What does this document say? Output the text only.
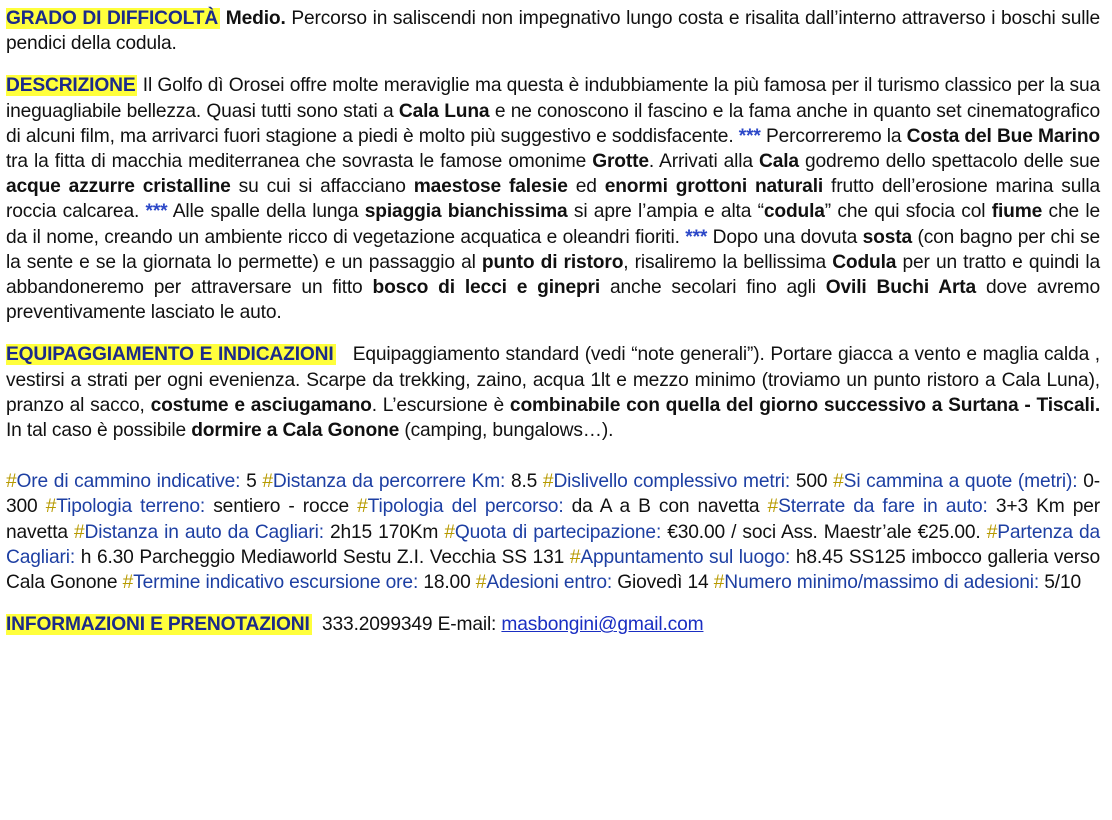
GRADO DI DIFFICOLTÀ Medio. Percorso in saliscendi non impegnativo lungo costa e risalita dall’interno attraverso i boschi sulle pendici della codula.

DESCRIZIONE Il Golfo dì Orosei offre molte meraviglie ma questa è indubbiamente la più famosa per il turismo classico per la sua ineguagliabile bellezza. Quasi tutti sono stati a Cala Luna e ne conoscono il fascino e la fama anche in quanto set cinematografico di alcuni film, ma arrivarci fuori stagione a piedi è molto più suggestivo e soddisfacente. *** Percorreremo la Costa del Bue Marino tra la fitta di macchia mediterranea che sovrasta le famose omonime Grotte. Arrivati alla Cala godremo dello spettacolo delle sue acque azzurre cristalline su cui si affacciano maestose falesie ed enormi grottoni naturali frutto dell’erosione marina sulla roccia calcarea. *** Alle spalle della lunga spiaggia bianchissima si apre l’ampia e alta “codula” che qui sfocia col fiume che le da il nome, creando un ambiente ricco di vegetazione acquatica e oleandri fioriti. *** Dopo una dovuta sosta (con bagno per chi se la sente e se la giornata lo permette) e un passaggio al punto di ristoro, risaliremo la bellissima Codula per un tratto e quindi la abbandoneremo per attraversare un fitto bosco di lecci e ginepri anche secolari fino agli Ovili Buchi Arta dove avremo preventivamente lasciato le auto.

EQUIPAGGIAMENTO E INDICAZIONI   Equipaggiamento standard (vedi “note generali”). Portare giacca a vento e maglia calda , vestirsi a strati per ogni evenienza. Scarpe da trekking, zaino, acqua 1lt e mezzo minimo (troviamo un punto ristoro a Cala Luna), pranzo al sacco, costume e asciugamano. L’escursione è combinabile con quella del giorno successivo a Surtana - Tiscali. In tal caso è possibile dormire a Cala Gonone (camping, bungalows…).

#Ore di cammino indicative: 5 #Distanza da percorrere Km: 8.5 #Dislivello complessivo metri: 500 #Si cammina a quote (metri): 0-300 #Tipologia terreno: sentiero - rocce #Tipologia del percorso: da A a B con navetta #Sterrate da fare in auto: 3+3 Km per navetta #Distanza in auto da Cagliari: 2h15 170Km #Quota di partecipazione: €30.00 / soci Ass. Maestr’ale €25.00. #Partenza da Cagliari: h 6.30 Parcheggio Mediaworld Sestu Z.I. Vecchia SS 131 #Appuntamento sul luogo: h8.45 SS125 imbocco galleria verso Cala Gonone #Termine indicativo escursione ore: 18.00 #Adesioni entro: Giovedì 14 #Numero minimo/massimo di adesioni: 5/10

INFORMAZIONI E PRENOTAZIONI  333.2099349 E-mail: masbongini@gmail.com
